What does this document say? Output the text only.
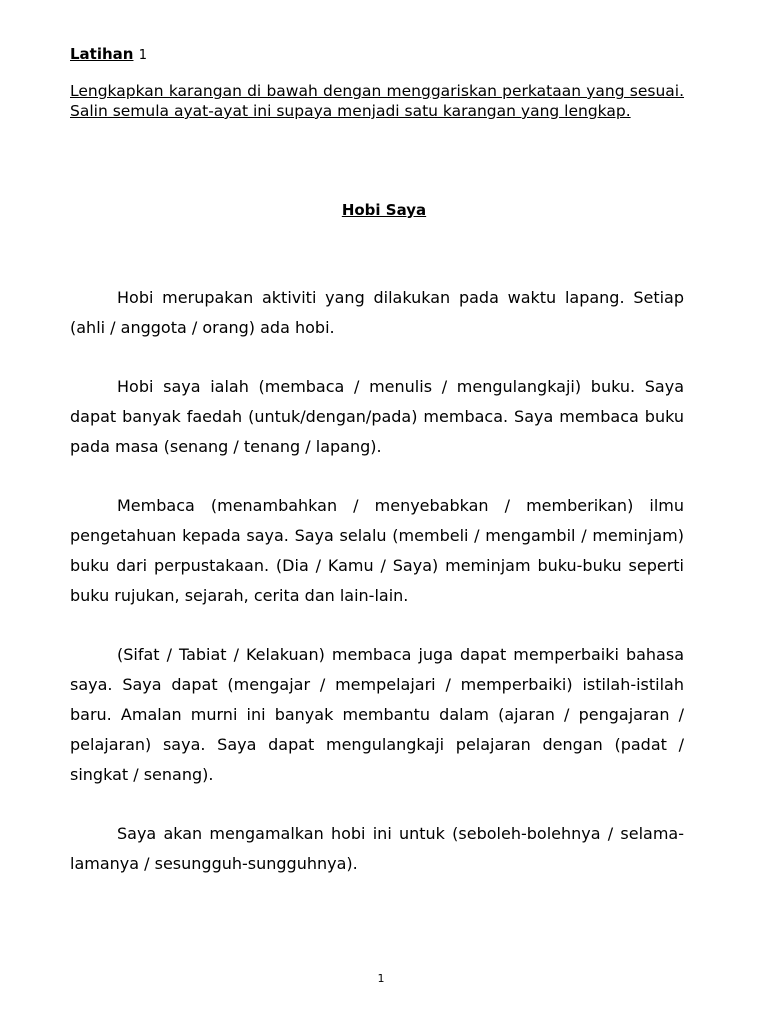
Latihan 1
Lengkapkan karangan di bawah dengan menggariskan perkataan yang sesuai. Salin semula ayat-ayat ini supaya menjadi satu karangan yang lengkap.
Hobi Saya

Hobi merupakan aktiviti yang dilakukan pada waktu lapang. Setiap (ahli / anggota / orang) ada hobi.

Hobi saya ialah (membaca / menulis / mengulangkaji) buku. Saya dapat banyak faedah (untuk/dengan/pada) membaca. Saya membaca buku pada masa (senang / tenang / lapang).

Membaca (menambahkan / menyebabkan / memberikan) ilmu pengetahuan kepada saya. Saya selalu (membeli / mengambil / meminjam) buku dari perpustakaan. (Dia / Kamu / Saya) meminjam buku-buku seperti buku rujukan, sejarah, cerita dan lain-lain.

(Sifat / Tabiat / Kelakuan) membaca juga dapat memperbaiki bahasa saya. Saya dapat (mengajar / mempelajari / memperbaiki) istilah-istilah baru. Amalan murni ini banyak membantu dalam (ajaran / pengajaran / pelajaran) saya. Saya dapat mengulangkaji pelajaran dengan (padat / singkat / senang).

Saya akan mengamalkan hobi ini untuk (seboleh-bolehnya / selama- lamanya / sesungguh-sungguhnya).

1
